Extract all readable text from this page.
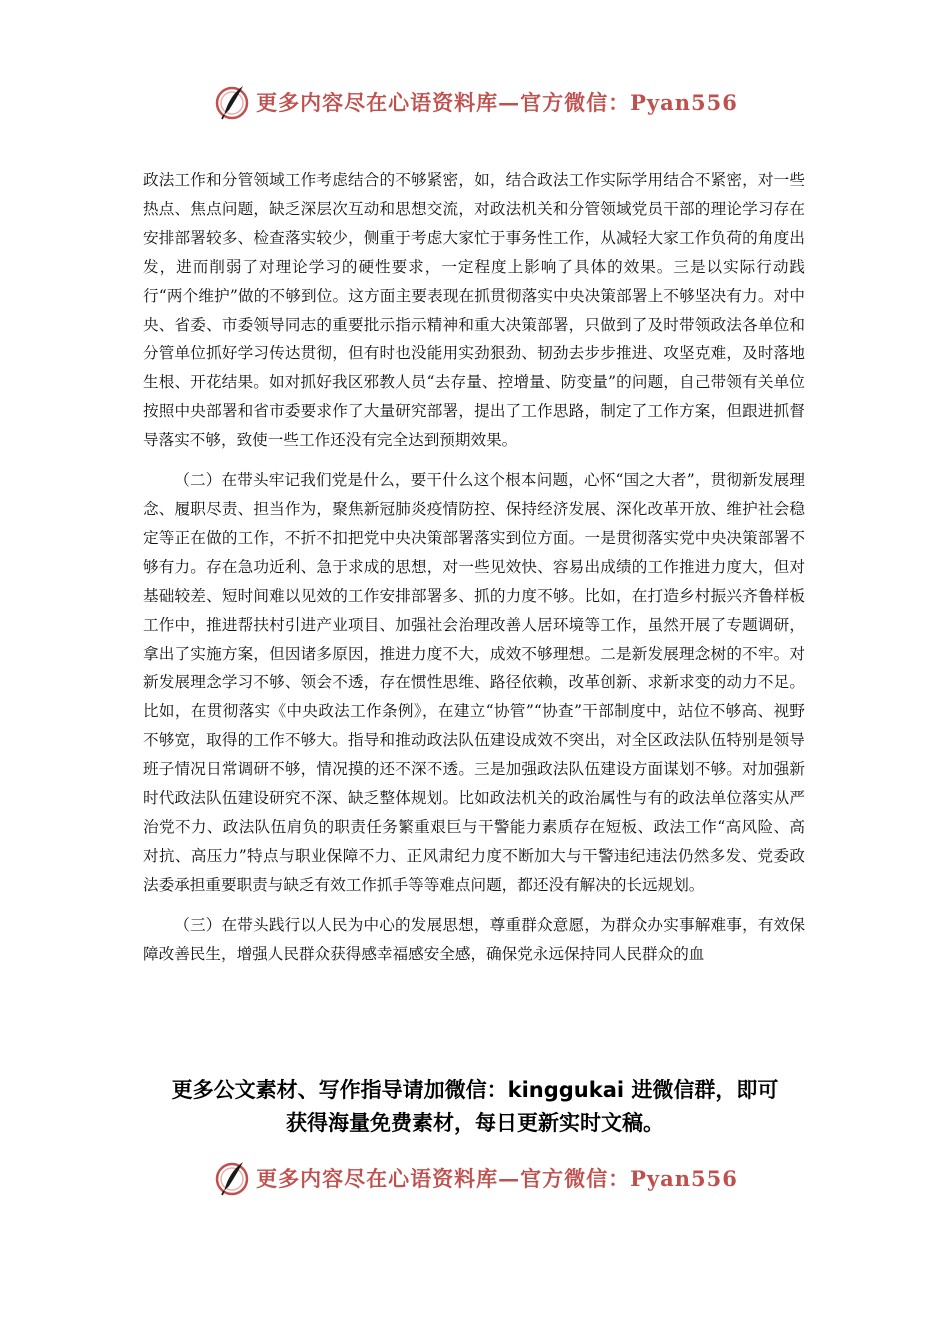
更多内容尽在心语资料库—官方微信：Pyan556

政法工作和分管领域工作考虑结合的不够紧密，如，结合政法工作实际学用结合不紧密，对一些热点、焦点问题，缺乏深层次互动和思想交流，对政法机关和分管领域党员干部的理论学习存在安排部署较多、检查落实较少，侧重于考虑大家忙于事务性工作，从减轻大家工作负荷的角度出发，进而削弱了对理论学习的硬性要求，一定程度上影响了具体的效果。三是以实际行动践行“两个维护”做的不够到位。这方面主要表现在抓贯彻落实中央决策部署上不够坚决有力。对中央、省委、市委领导同志的重要批示指示精神和重大决策部署，只做到了及时带领政法各单位和分管单位抓好学习传达贯彻，但有时也没能用实劲狠劲、韧劲去步步推进、攻坚克难，及时落地生根、开花结果。如对抓好我区邪教人员“去存量、控增量、防变量”的问题，自己带领有关单位按照中央部署和省市委要求作了大量研究部署，提出了工作思路，制定了工作方案，但跟进抓督导落实不够，致使一些工作还没有完全达到预期效果。

（二）在带头牢记我们党是什么，要干什么这个根本问题，心怀“国之大者”，贯彻新发展理念、履职尽责、担当作为，聚焦新冠肺炎疫情防控、保持经济发展、深化改革开放、维护社会稳定等正在做的工作，不折不扣把党中央决策部署落实到位方面。一是贯彻落实党中央决策部署不够有力。存在急功近利、急于求成的思想，对一些见效快、容易出成绩的工作推进力度大，但对基础较差、短时间难以见效的工作安排部署多、抓的力度不够。比如，在打造乡村振兴齐鲁样板工作中，推进帮扶村引进产业项目、加强社会治理改善人居环境等工作，虽然开展了专题调研，拿出了实施方案，但因诸多原因，推进力度不大，成效不够理想。二是新发展理念树的不牢。对新发展理念学习不够、领会不透，存在惯性思维、路径依赖，改革创新、求新求变的动力不足。比如，在贯彻落实《中央政法工作条例》，在建立“协管”“协查”干部制度中，站位不够高、视野不够宽，取得的工作不够大。指导和推动政法队伍建设成效不突出，对全区政法队伍特别是领导班子情况日常调研不够，情况摸的还不深不透。三是加强政法队伍建设方面谋划不够。对加强新时代政法队伍建设研究不深、缺乏整体规划。比如政法机关的政治属性与有的政法单位落实从严治党不力、政法队伍肩负的职责任务繁重艰巨与干警能力素质存在短板、政法工作“高风险、高对抗、高压力”特点与职业保障不力、正风肃纪力度不断加大与干警违纪违法仍然多发、党委政法委承担重要职责与缺乏有效工作抓手等等难点问题，都还没有解决的长远规划。

（三）在带头践行以人民为中心的发展思想，尊重群众意愿，为群众办实事解难事，有效保障改善民生，增强人民群众获得感幸福感安全感，确保党永远保持同人民群众的血

更多公文素材、写作指导请加微信：kinggukai 进微信群，即可
获得海量免费素材，每日更新实时文稿。
更多内容尽在心语资料库—官方微信：Pyan556
